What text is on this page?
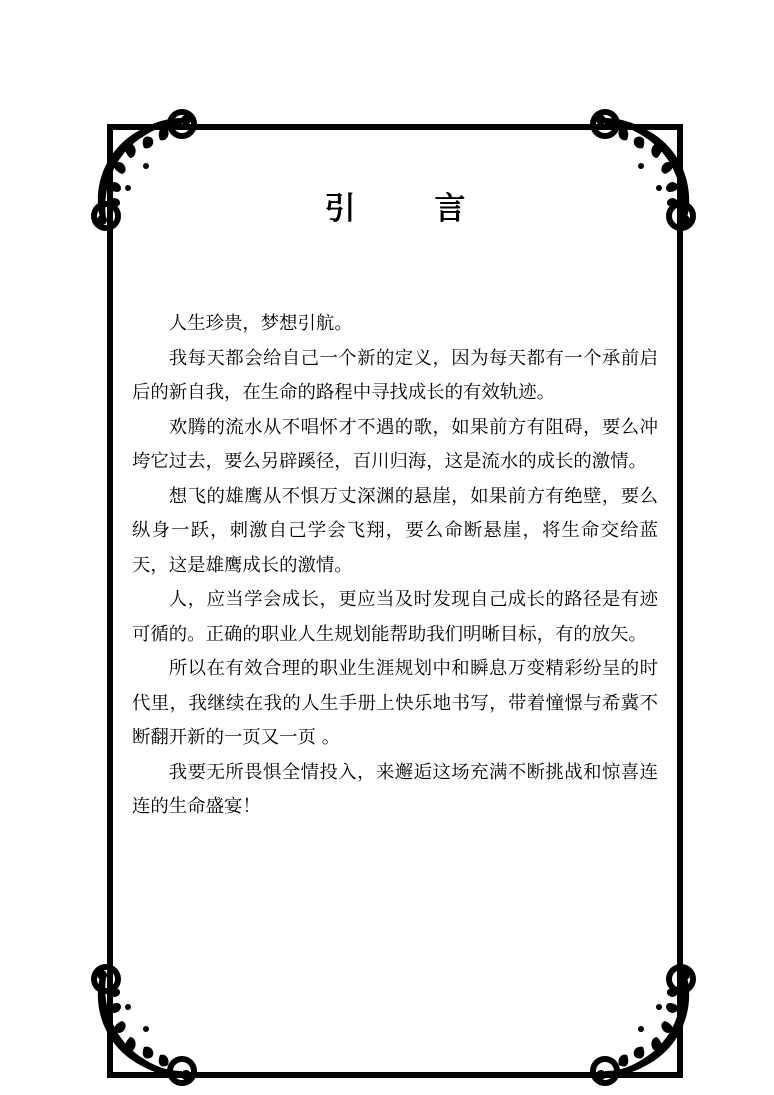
引 言

人生珍贵，梦想引航。

我每天都会给自己一个新的定义，因为每天都有一个承前启后的新自我，在生命的路程中寻找成长的有效轨迹。

欢腾的流水从不唱怀才不遇的歌，如果前方有阻碍，要么冲垮它过去，要么另辟蹊径，百川归海，这是流水的成长的激情。

想飞的雄鹰从不惧万丈深渊的悬崖，如果前方有绝壁，要么纵身一跃，刺激自己学会飞翔，要么命断悬崖，将生命交给蓝天，这是雄鹰成长的激情。

人，应当学会成长，更应当及时发现自己成长的路径是有迹可循的。正确的职业人生规划能帮助我们明晰目标，有的放矢。

所以在有效合理的职业生涯规划中和瞬息万变精彩纷呈的时代里，我继续在我的人生手册上快乐地书写，带着憧憬与希冀不断翻开新的一页又一页 。

我要无所畏惧全情投入，来邂逅这场充满不断挑战和惊喜连连的生命盛宴！
